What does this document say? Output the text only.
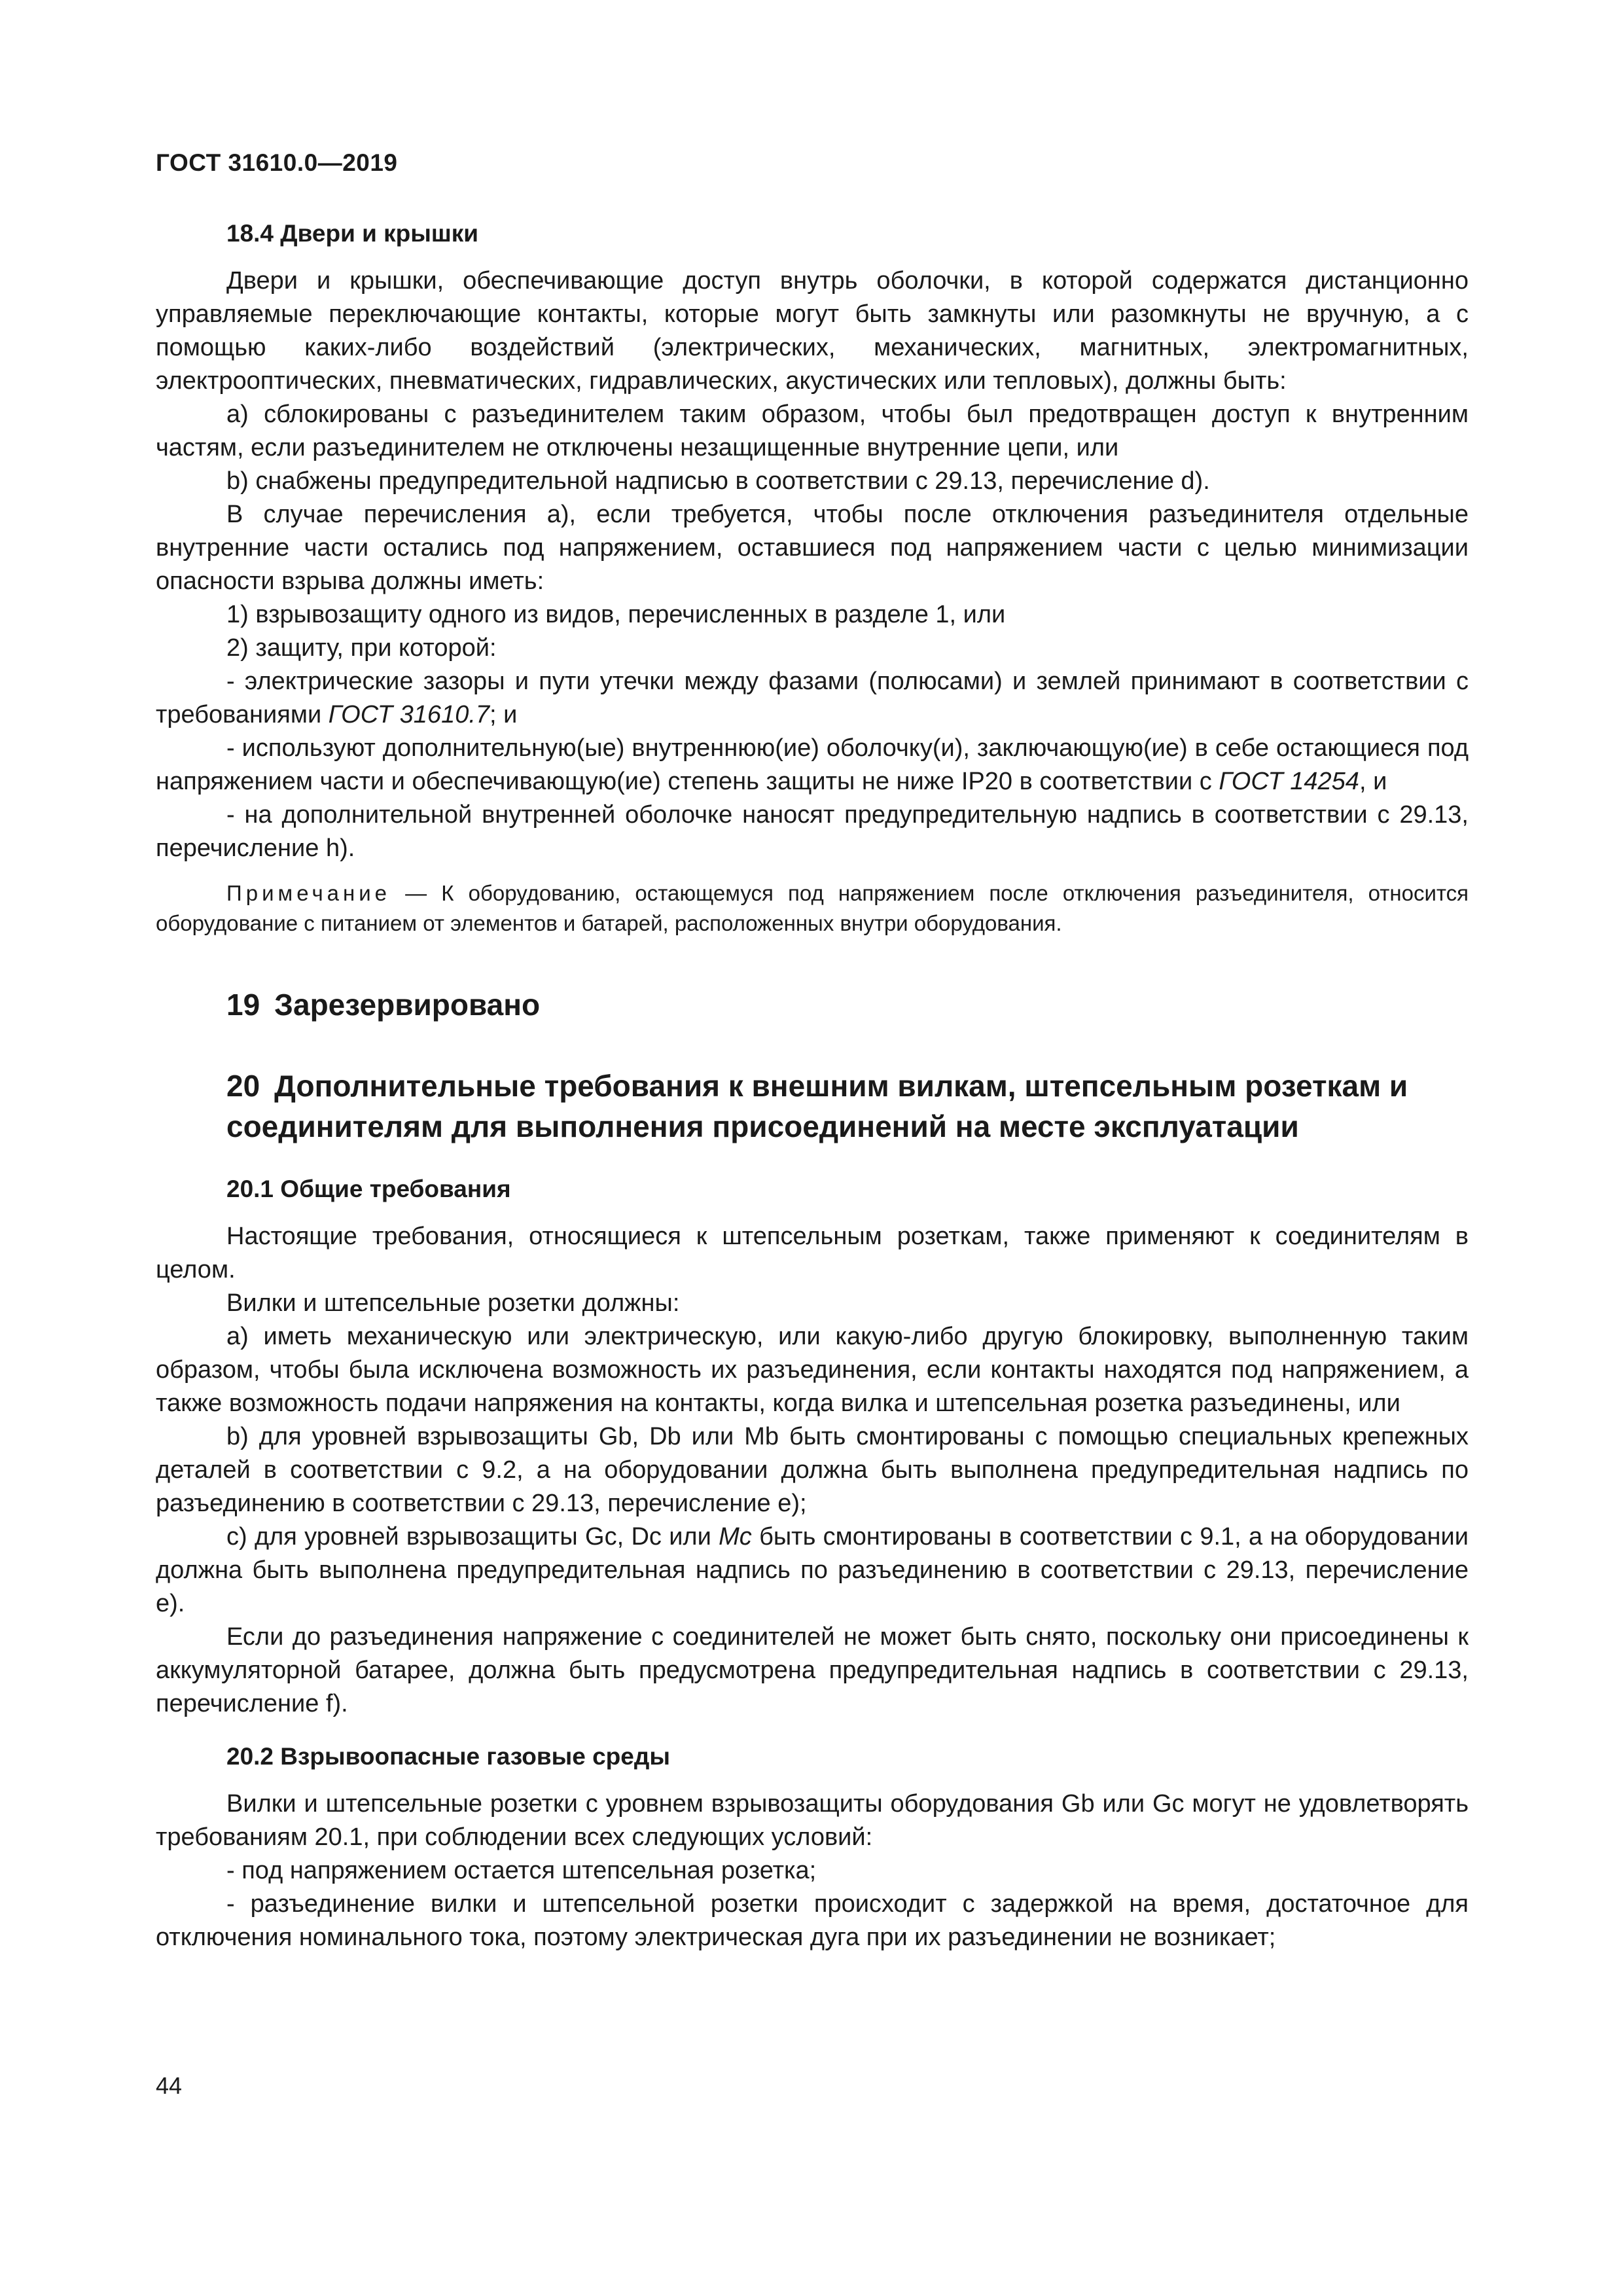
ГОСТ 31610.0—2019
18.4 Двери и крышки

Двери и крышки, обеспечивающие доступ внутрь оболочки, в которой содержатся дистанционно управляемые переключающие контакты, которые могут быть замкнуты или разомкнуты не вручную, а с помощью каких-либо воздействий (электрических, механических, магнитных, электромагнитных, электрооптических, пневматических, гидравлических, акустических или тепловых), должны быть:

a) сблокированы с разъединителем таким образом, чтобы был предотвращен доступ к внутренним частям, если разъединителем не отключены незащищенные внутренние цепи, или

b) снабжены предупредительной надписью в соответствии с 29.13, перечисление d).

В случае перечисления а), если требуется, чтобы после отключения разъединителя отдельные внутренние части остались под напряжением, оставшиеся под напряжением части с целью минимизации опасности взрыва должны иметь:

1) взрывозащиту одного из видов, перечисленных в разделе 1, или

2) защиту, при которой:

- электрические зазоры и пути утечки между фазами (полюсами) и землей принимают в соответствии с требованиями ГОСТ 31610.7; и

- используют дополнительную(ые) внутреннюю(ие) оболочку(и), заключающую(ие) в себе остающиеся под напряжением части и обеспечивающую(ие) степень защиты не ниже IP20 в соответствии с ГОСТ 14254, и

- на дополнительной внутренней оболочке наносят предупредительную надпись в соответствии с 29.13, перечисление h).

Примечание — К оборудованию, остающемуся под напряжением после отключения разъединителя, относится оборудование с питанием от элементов и батарей, расположенных внутри оборудования.

19 Зарезервировано
20 Дополнительные требования к внешним вилкам, штепсельным розеткам и соединителям для выполнения присоединений на месте эксплуатации
20.1 Общие требования

Настоящие требования, относящиеся к штепсельным розеткам, также применяют к соединителям в целом.

Вилки и штепсельные розетки должны:

a) иметь механическую или электрическую, или какую-либо другую блокировку, выполненную таким образом, чтобы была исключена возможность их разъединения, если контакты находятся под напряжением, а также возможность подачи напряжения на контакты, когда вилка и штепсельная розетка разъединены, или

b) для уровней взрывозащиты Gb, Db или Mb быть смонтированы с помощью специальных крепежных деталей в соответствии с 9.2, а на оборудовании должна быть выполнена предупредительная надпись по разъединению в соответствии с 29.13, перечисление e);

c) для уровней взрывозащиты Gc, Dc или Mc быть смонтированы в соответствии с 9.1, а на оборудовании должна быть выполнена предупредительная надпись по разъединению в соответствии с 29.13, перечисление e).

Если до разъединения напряжение с соединителей не может быть снято, поскольку они присоединены к аккумуляторной батарее, должна быть предусмотрена предупредительная надпись в соответствии с 29.13, перечисление f).

20.2 Взрывоопасные газовые среды

Вилки и штепсельные розетки с уровнем взрывозащиты оборудования Gb или Gc могут не удовлетворять требованиям 20.1, при соблюдении всех следующих условий:

- под напряжением остается штепсельная розетка;

- разъединение вилки и штепсельной розетки происходит с задержкой на время, достаточное для отключения номинального тока, поэтому электрическая дуга при их разъединении не возникает;

44
